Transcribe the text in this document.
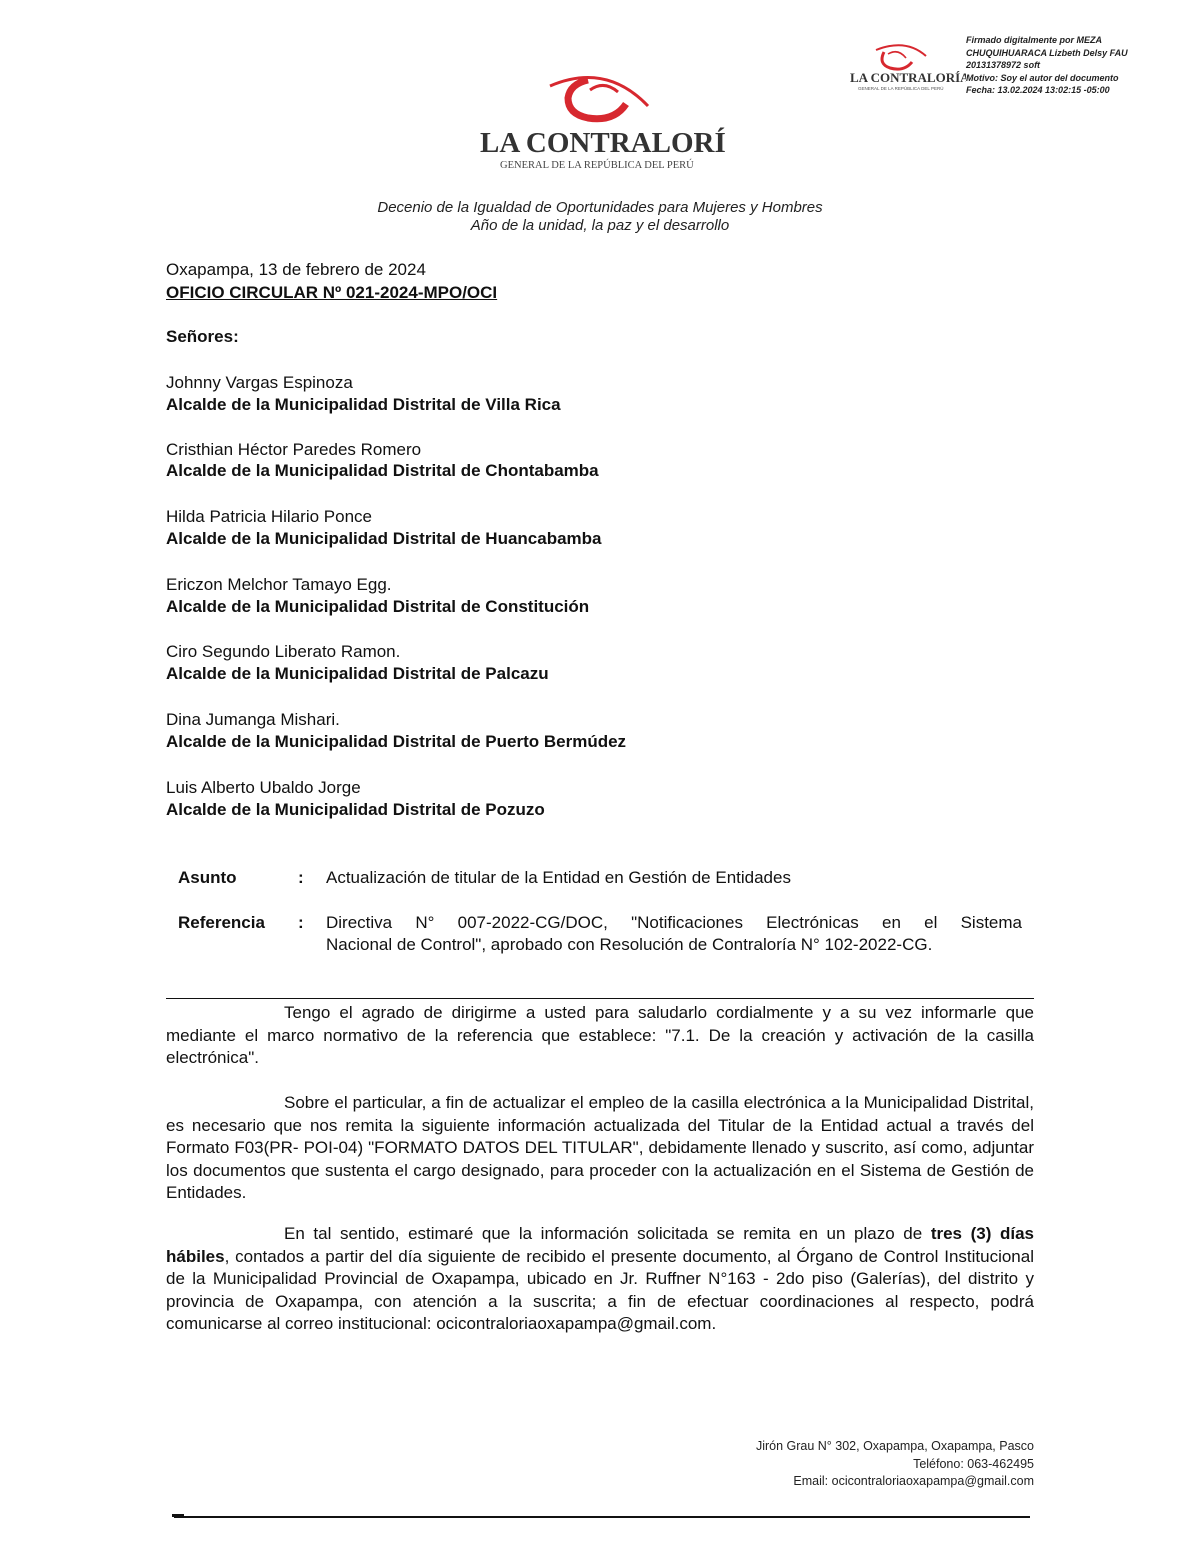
LA CONTRALORÍA
GENERAL DE LA REPÚBLICA DEL PERÚ
Firmado digitalmente por MEZA
CHUQUIHUARACA Lizbeth Delsy FAU
20131378972 soft
Motivo: Soy el autor del documento
Fecha: 13.02.2024 13:02:15 -05:00
LA CONTRALORÍA
GENERAL DE LA REPÚBLICA DEL PERÚ
Decenio de la Igualdad de Oportunidades para Mujeres y Hombres
Año de la unidad, la paz y el desarrollo
Oxapampa, 13 de febrero de 2024
OFICIO CIRCULAR Nº 021-2024-MPO/OCI
Señores:
Johnny Vargas Espinoza
Alcalde de la Municipalidad Distrital de Villa Rica
Cristhian Héctor Paredes Romero
Alcalde de la Municipalidad Distrital de Chontabamba
Hilda Patricia Hilario Ponce
Alcalde de la Municipalidad Distrital de Huancabamba
Ericzon Melchor Tamayo Egg.
Alcalde de la Municipalidad Distrital de Constitución
Ciro Segundo Liberato Ramon.
Alcalde de la Municipalidad Distrital de Palcazu
Dina Jumanga Mishari.
Alcalde de la Municipalidad Distrital de Puerto Bermúdez
Luis Alberto Ubaldo Jorge
Alcalde de la Municipalidad Distrital de Pozuzo
Asunto	: Actualización de titular de la Entidad en Gestión de Entidades
Referencia : Directiva N° 007-2022-CG/DOC, "Notificaciones Electrónicas en el Sistema
Nacional de Control", aprobado con Resolución de Contraloría N° 102-2022-CG.
Tengo el agrado de dirigirme a usted para saludarlo cordialmente y a su vez informarle que mediante el marco normativo de la referencia que establece: "7.1. De la creación y activación de la casilla electrónica".
Sobre el particular, a fin de actualizar el empleo de la casilla electrónica a la Municipalidad Distrital, es necesario que nos remita la siguiente información actualizada del Titular de la Entidad actual a través del Formato F03(PR- POI-04) "FORMATO DATOS DEL TITULAR", debidamente llenado y suscrito, así como, adjuntar los documentos que sustenta el cargo designado, para proceder con la actualización en el Sistema de Gestión de Entidades.
En tal sentido, estimaré que la información solicitada se remita en un plazo de tres (3) días hábiles, contados a partir del día siguiente de recibido el presente documento, al Órgano de Control Institucional de la Municipalidad Provincial de Oxapampa, ubicado en Jr. Ruffner N°163 - 2do piso (Galerías), del distrito y provincia de Oxapampa, con atención a la suscrita; a fin de efectuar coordinaciones al respecto, podrá comunicarse al correo institucional: ocicontraloriaoxapampa@gmail.com.
Jirón Grau N° 302, Oxapampa, Oxapampa, Pasco
Teléfono: 063-462495
Email: ocicontraloriaoxapampa@gmail.com
